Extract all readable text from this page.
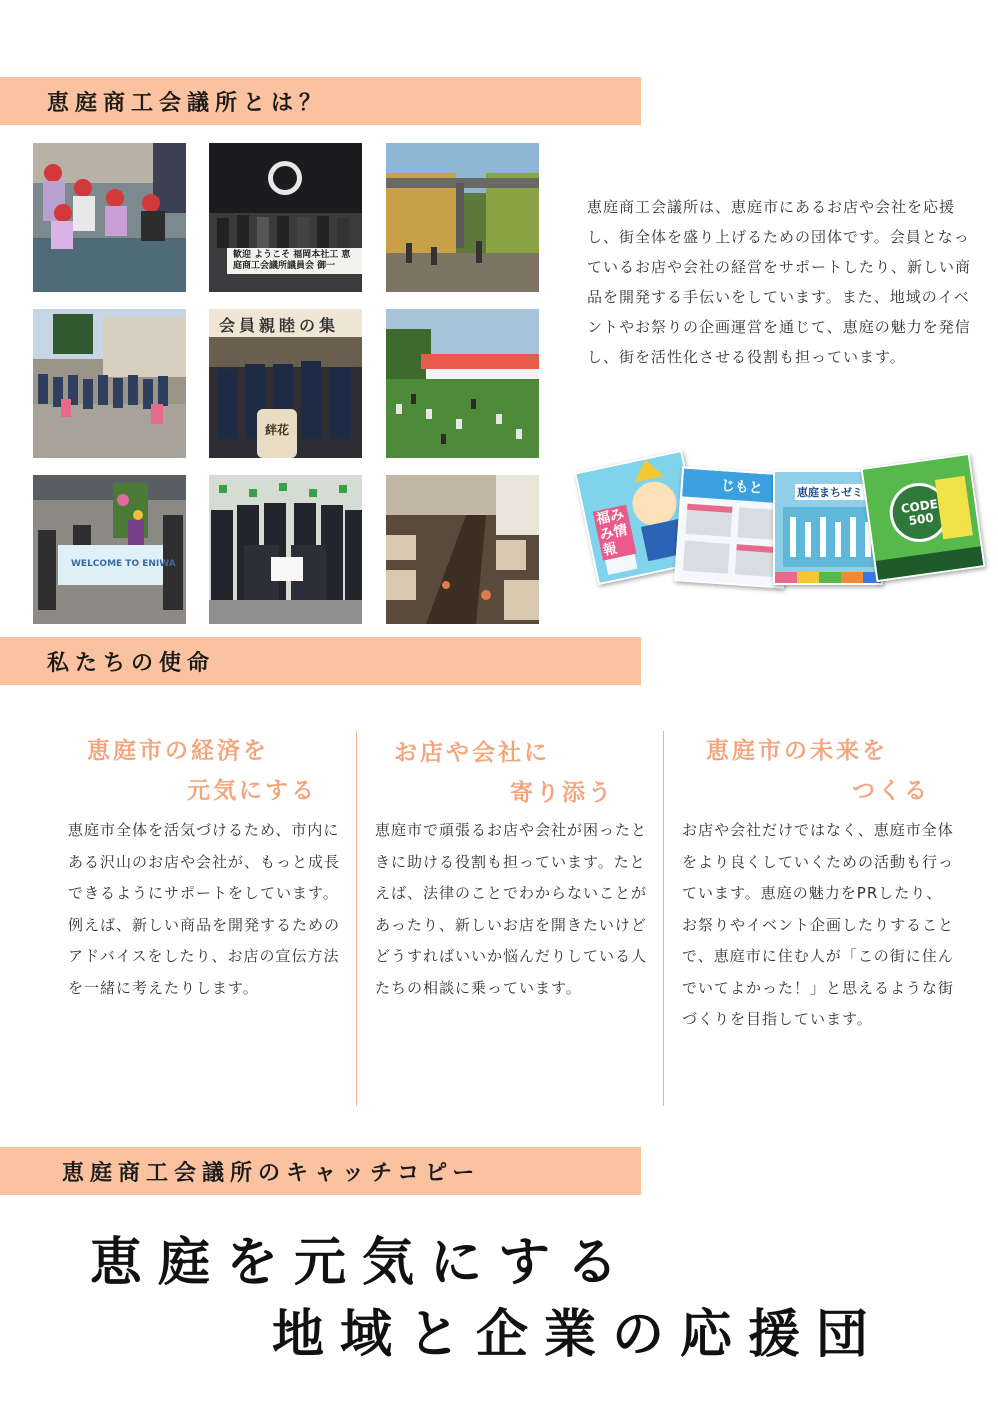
恵庭商工会議所とは？
歓迎 ようこそ 福岡本社工 恵庭商工会議所議員会 御一
会員親睦の集
絆花
WELCOME TO ENIWA

恵庭商工会議所は、恵庭市にあるお店や会社を応援し、街全体を盛り上げるための団体です。会員となっているお店や会社の経営をサポートしたり、新しい商品を開発する手伝いをしています。また、地域のイベントやお祭りの企画運営を通じて、恵庭の魅力を発信し、街を活性化させる役割も担っています。

福みみ情報
じもと	恵庭まちゼミ
CODE 500
私たちの使命
恵庭市の経済を
元気にする

恵庭市全体を活気づけるため、市内にある沢山のお店や会社が、もっと成長できるようにサポートをしています。例えば、新しい商品を開発するためのアドバイスをしたり、お店の宣伝方法を一緒に考えたりします。

お店や会社に
寄り添う

恵庭市で頑張るお店や会社が困ったときに助ける役割も担っています。たとえば、法律のことでわからないことがあったり、新しいお店を開きたいけどどうすればいいか悩んだりしている人たちの相談に乗っています。

恵庭市の未来を
つくる

お店や会社だけではなく、恵庭市全体をより良くしていくための活動も行っています。恵庭の魅力をPRしたり、お祭りやイベント企画したりすることで、恵庭市に住む人が「この街に住んでいてよかった！」と思えるような街づくりを目指しています。

恵庭商工会議所のキャッチコピー
恵庭を元気にする
地域と企業の応援団
